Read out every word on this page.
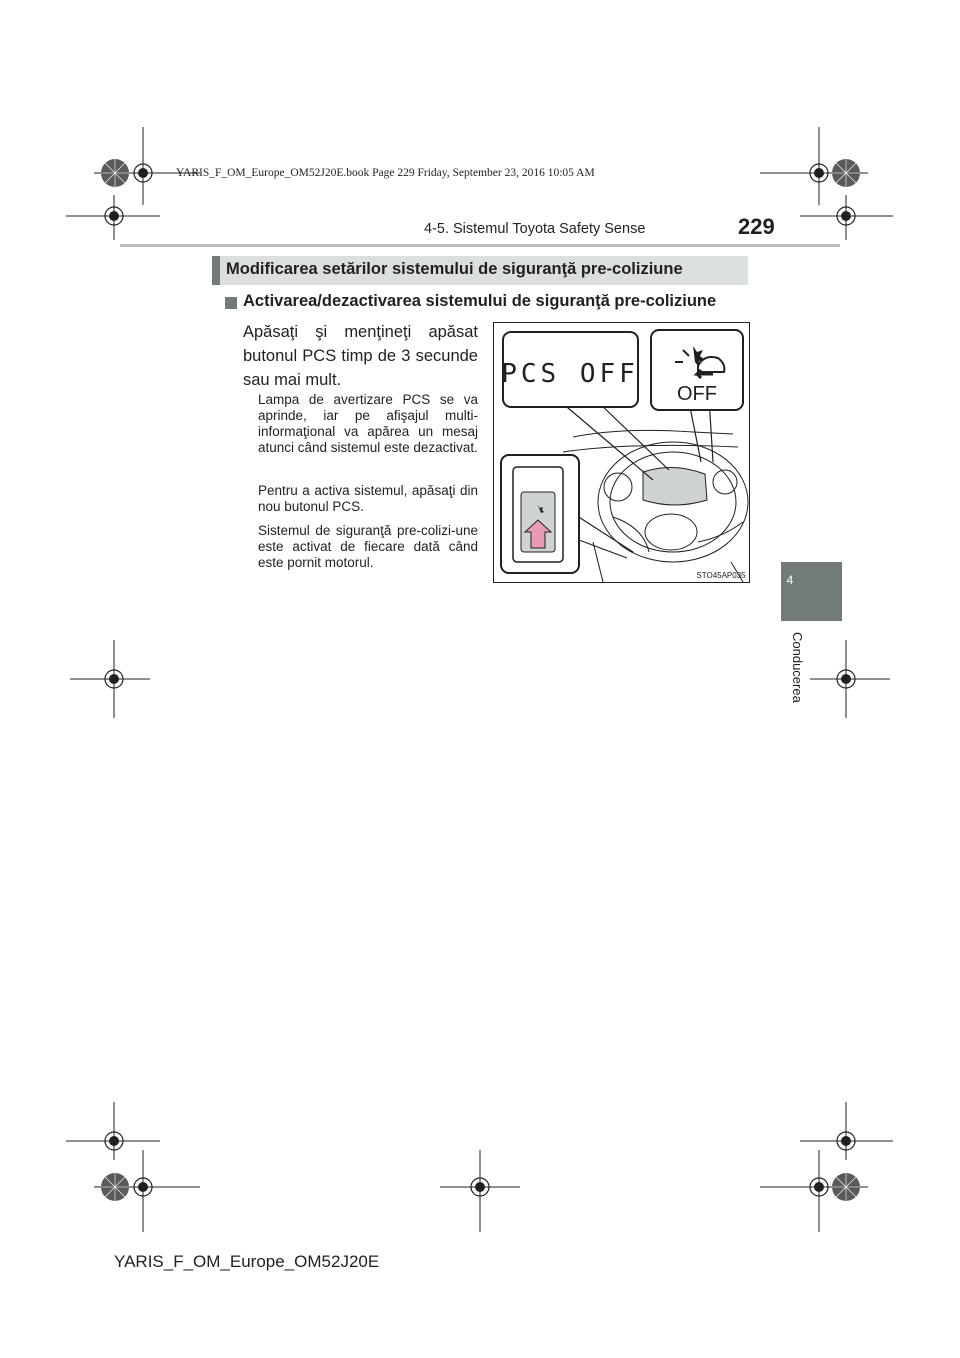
YARIS_F_OM_Europe_OM52J20E.book Page 229 Friday, September 23, 2016 10:05 AM
4-5. Sistemul Toyota Safety Sense	229
4
Conducerea
Modificarea setărilor sistemului de siguranţă pre-coliziune
Activarea/dezactivarea sistemului de siguranţă pre-coliziune
Apăsaţi şi menţineţi apăsat butonul PCS timp de 3 secunde sau mai mult.
Lampa de avertizare PCS se va aprinde, iar pe afişajul multi-informaţional va apărea un mesaj atunci când sistemul este dezactivat.
Pentru a activa sistemul, apăsaţi din nou butonul PCS.
Sistemul de siguranţă pre-colizi-une este activat de fiecare dată când este pornit motorul.
PCS OFF
OFF
STO45AP035
YARIS_F_OM_Europe_OM52J20E
